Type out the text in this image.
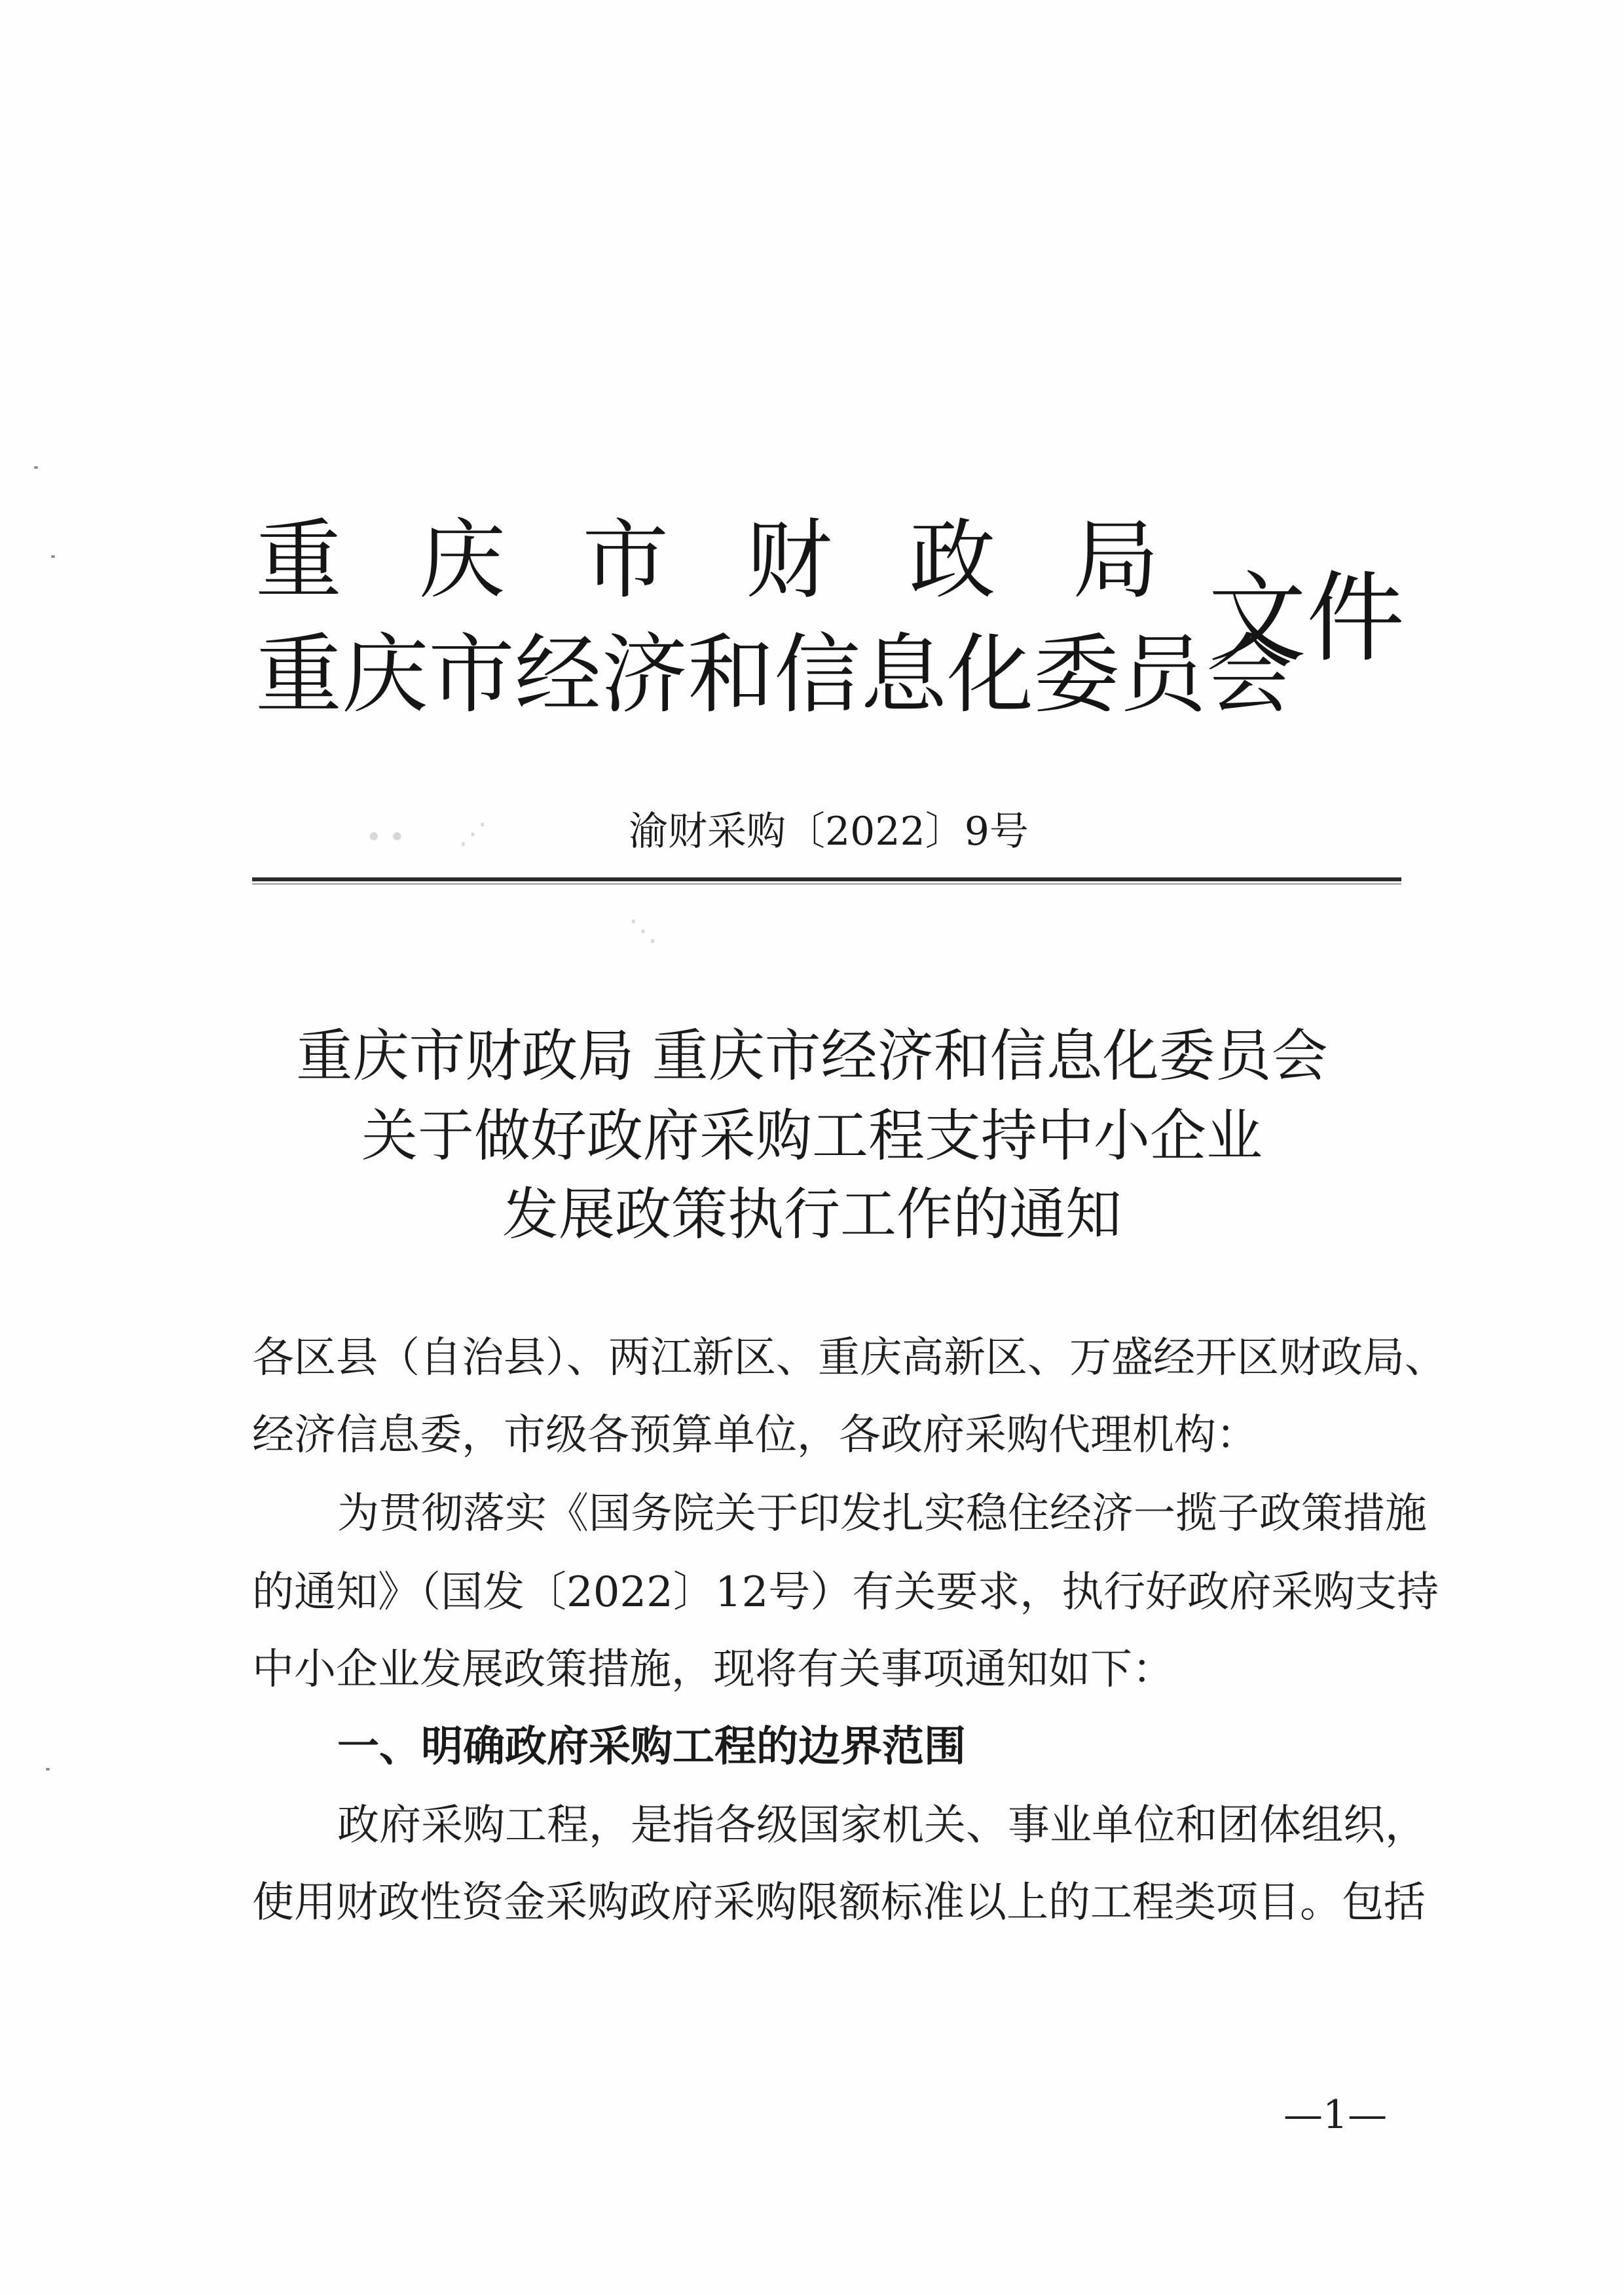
重 庆 市 财 政 局
重庆市经济和信息化委员会
文件
∙ ∙ ⋰
⋱
渝财采购〔2022〕9号
重庆市财政局 重庆市经济和信息化委员会
关于做好政府采购工程支持中小企业
发展政策执行工作的通知
各区县（自治县）、两江新区、重庆高新区、万盛经开区财政局、
经济信息委，市级各预算单位，各政府采购代理机构：
为贯彻落实《国务院关于印发扎实稳住经济一揽子政策措施
的通知》（国发〔2022〕12号）有关要求，执行好政府采购支持
中小企业发展政策措施，现将有关事项通知如下：
一、明确政府采购工程的边界范围
政府采购工程，是指各级国家机关、事业单位和团体组织，
使用财政性资金采购政府采购限额标准以上的工程类项目。包括
—1—
